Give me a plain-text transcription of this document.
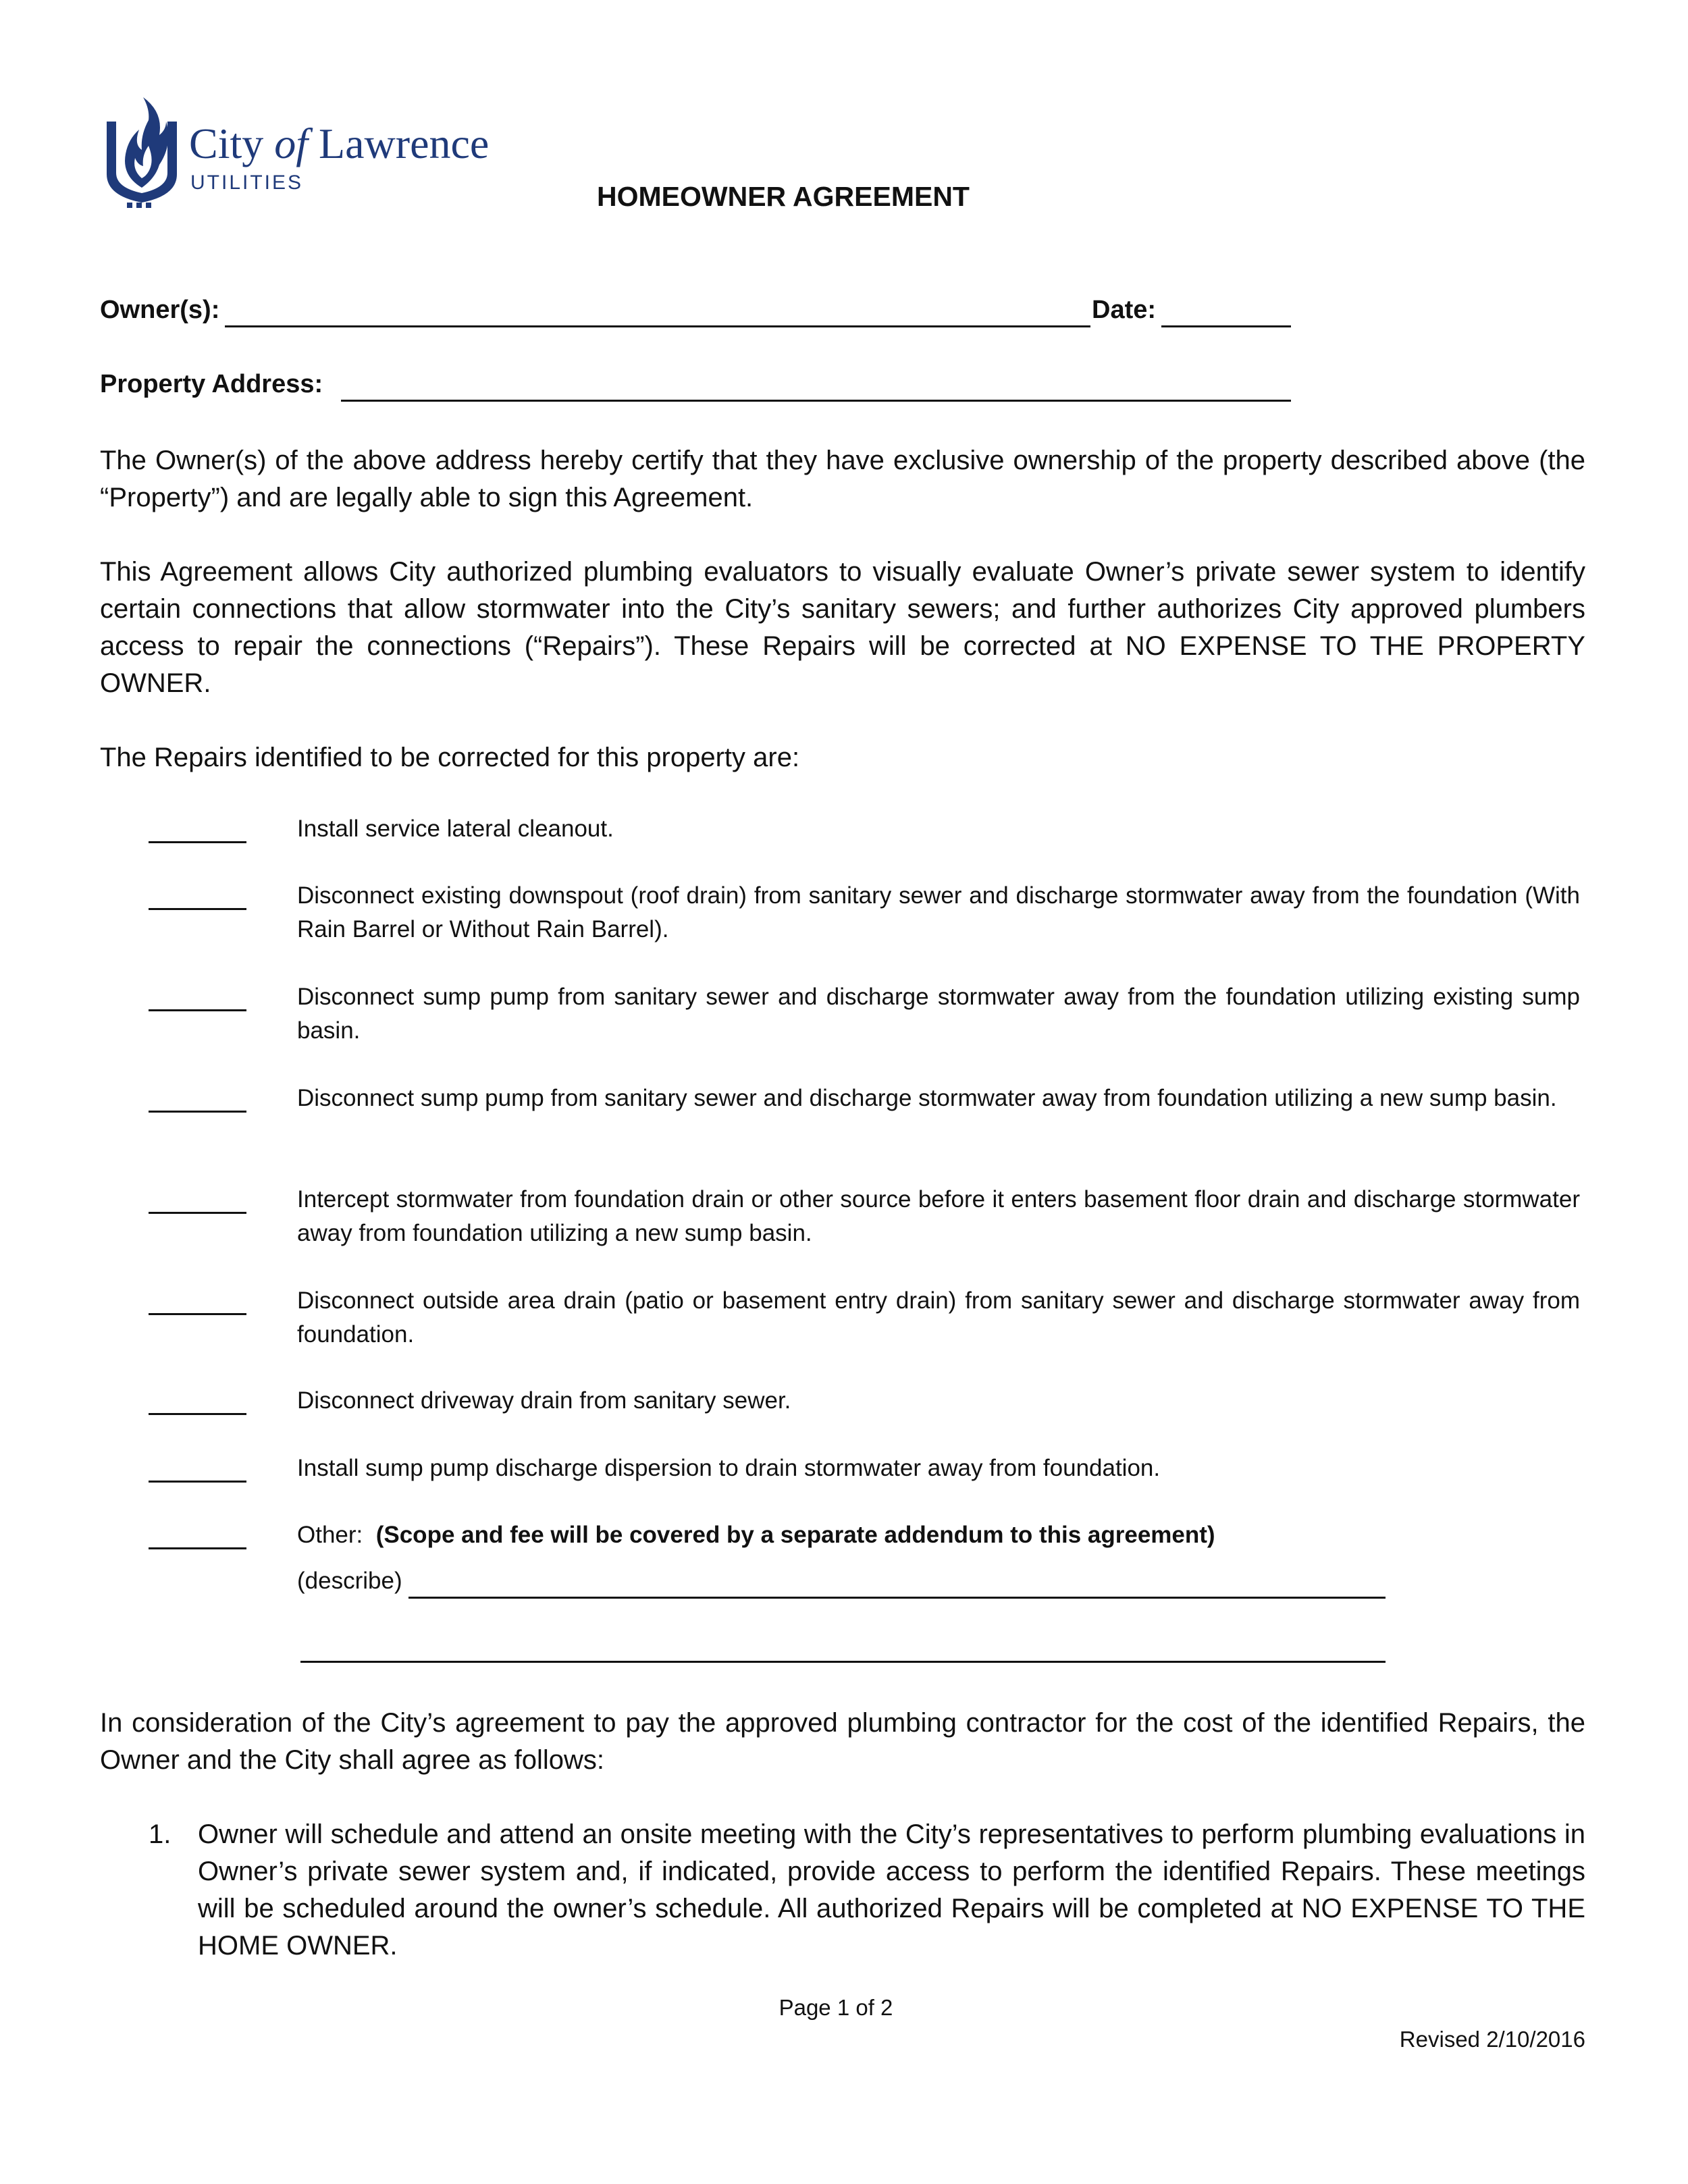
City of Lawrence
UTILITIES	HOMEOWNER AGREEMENT
Owner(s):	Date:
Property Address:
The Owner(s) of the above address hereby certify that they have exclusive ownership of the property described above (the “Property”) and are legally able to sign this Agreement.
This Agreement allows City authorized plumbing evaluators to visually evaluate Owner’s private sewer system to identify certain connections that allow stormwater into the City’s sanitary sewers; and further authorizes City approved plumbers access to repair the connections (“Repairs”). These Repairs will be corrected at NO EXPENSE TO THE PROPERTY OWNER.
The Repairs identified to be corrected for this property are:
Install service lateral cleanout.
Disconnect existing downspout (roof drain) from sanitary sewer and discharge stormwater away from the foundation (With Rain Barrel or Without Rain Barrel).
Disconnect sump pump from sanitary sewer and discharge stormwater away from the foundation utilizing existing sump basin.
Disconnect sump pump from sanitary sewer and discharge stormwater away from foundation utilizing a new sump basin.
Intercept stormwater from foundation drain or other source before it enters basement floor drain and discharge stormwater away from foundation utilizing a new sump basin.
Disconnect outside area drain (patio or basement entry drain) from sanitary sewer and discharge stormwater away from foundation.
Disconnect driveway drain from sanitary sewer.
Install sump pump discharge dispersion to drain stormwater away from foundation.
Other: (Scope and fee will be covered by a separate addendum to this agreement)
(describe)
In consideration of the City’s agreement to pay the approved plumbing contractor for the cost of the identified Repairs, the Owner and the City shall agree as follows:
1. Owner will schedule and attend an onsite meeting with the City’s representatives to perform plumbing evaluations in Owner’s private sewer system and, if indicated, provide access to perform the identified Repairs. These meetings will be scheduled around the owner’s schedule. All authorized Repairs will be completed at NO EXPENSE TO THE HOME OWNER.
Page 1 of 2
Revised 2/10/2016
